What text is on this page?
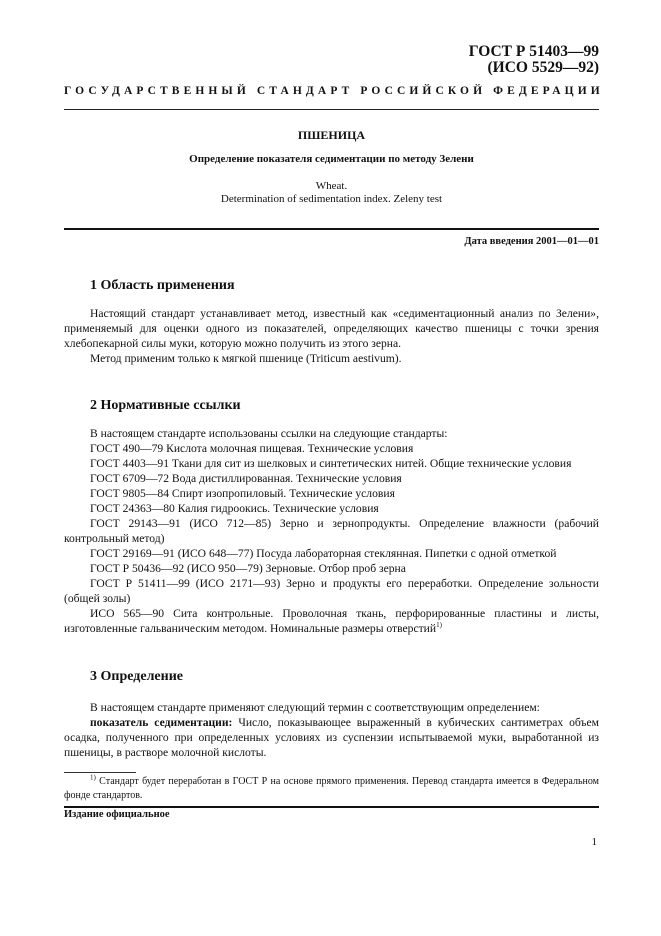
ГОСТ Р 51403—99
(ИСО 5529—92)
ГОСУДАРСТВЕННЫЙ СТАНДАРТ РОССИЙСКОЙ ФЕДЕРАЦИИ
ПШЕНИЦА
Определение показателя седиментации по методу Зелени
Wheat.
Determination of sedimentation index. Zeleny test
Дата введения 2001—01—01
1 Область применения

Настоящий стандарт устанавливает метод, известный как «седиментационный анализ по Зелени», применяемый для оценки одного из показателей, определяющих качество пшеницы с точки зрения хлебопекарной силы муки, которую можно получить из этого зерна.

Метод применим только к мягкой пшенице (Triticum aestivum).

2 Нормативные ссылки

В настоящем стандарте использованы ссылки на следующие стандарты:

ГОСТ 490—79 Кислота молочная пищевая. Технические условия

ГОСТ 4403—91 Ткани для сит из шелковых и синтетических нитей. Общие технические условия

ГОСТ 6709—72 Вода дистиллированная. Технические условия

ГОСТ 9805—84 Спирт изопропиловый. Технические условия

ГОСТ 24363—80 Калия гидроокись. Технические условия

ГОСТ 29143—91 (ИСО 712—85) Зерно и зернопродукты. Определение влажности (рабочий контрольный метод)

ГОСТ 29169—91 (ИСО 648—77) Посуда лабораторная стеклянная. Пипетки с одной отметкой

ГОСТ Р 50436—92 (ИСО 950—79) Зерновые. Отбор проб зерна

ГОСТ Р 51411—99 (ИСО 2171—93) Зерно и продукты его переработки. Определение зольности (общей золы)

ИСО 565—90 Сита контрольные. Проволочная ткань, перфорированные пластины и листы, изготовленные гальваническим методом. Номинальные размеры отверстий$^{1)}$

3 Определение

В настоящем стандарте применяют следующий термин с соответствующим определением:

показатель седиментации: Число, показывающее выраженный в кубических сантиметрах объем осадка, полученного при определенных условиях из суспензии испытываемой муки, выработанной из пшеницы, в растворе молочной кислоты.

$^{1)}$ Стандарт будет переработан в ГОСТ Р на основе прямого применения. Перевод стандарта имеется в Федеральном фонде стандартов.
Издание официальное
1
